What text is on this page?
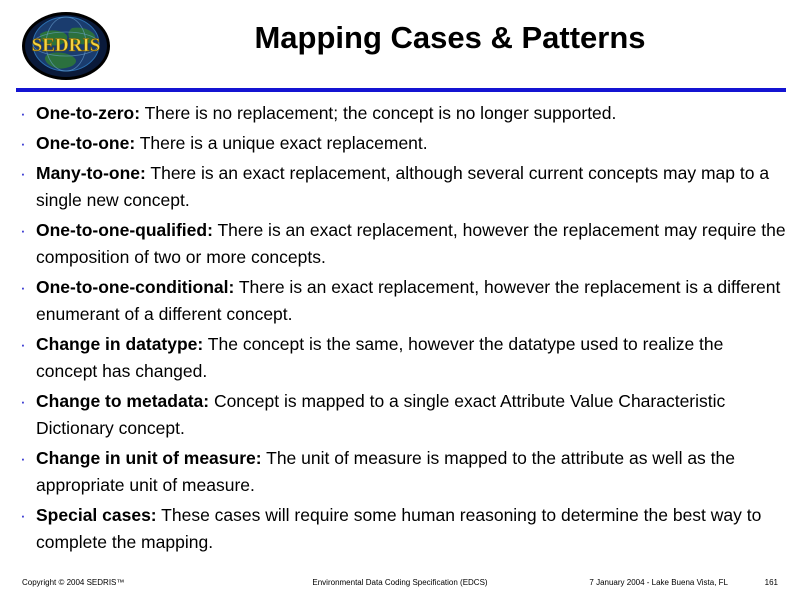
SEDRIS	Mapping Cases & Patterns
· One-to-zero: There is no replacement; the concept is no longer supported.
· One-to-one: There is a unique exact replacement.
· Many-to-one: There is an exact replacement, although several current concepts may map to a single new concept.
· One-to-one-qualified: There is an exact replacement, however the replacement may require the composition of two or more concepts.
· One-to-one-conditional: There is an exact replacement, however the replacement is a different enumerant of a different concept.
· Change in datatype: The concept is the same, however the datatype used to realize the concept has changed.
· Change to metadata: Concept is mapped to a single exact Attribute Value Characteristic Dictionary concept.
· Change in unit of measure: The unit of measure is mapped to the attribute as well as the appropriate unit of measure.
· Special cases: These cases will require some human reasoning to determine the best way to complete the mapping.
Copyright © 2004 SEDRIS™	Environmental Data Coding Specification (EDCS)	7 January 2004 - Lake Buena Vista, FL	161
